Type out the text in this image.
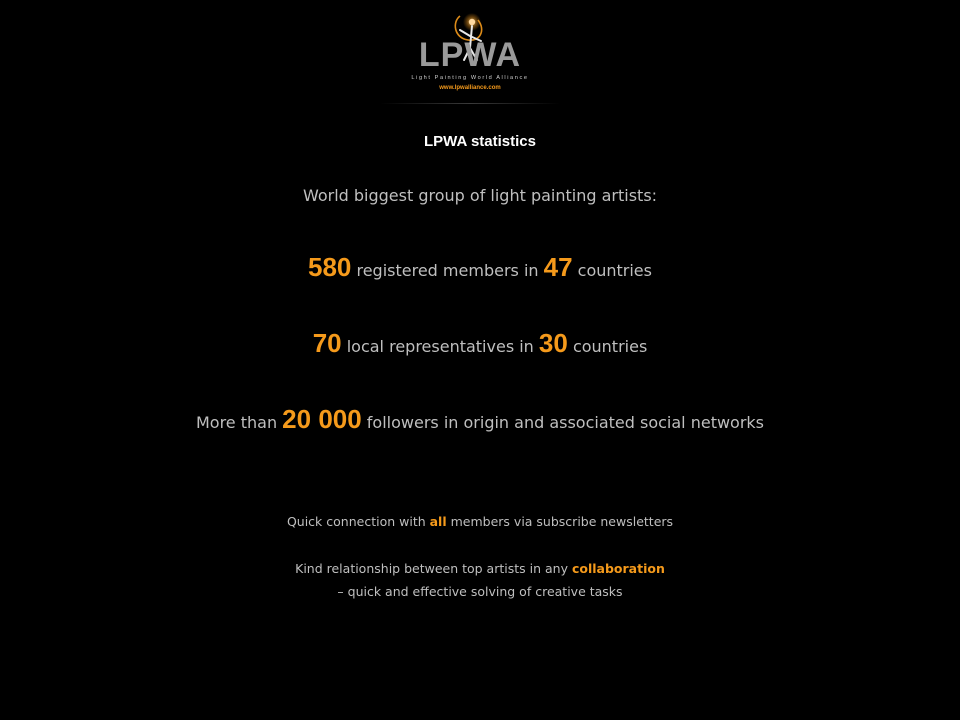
LPWA
Light Painting World Alliance
www.lpwalliance.com
LPWA statistics
World biggest group of light painting artists:
580 registered members in 47 countries
70 local representatives in 30 countries
More than 20 000 followers in origin and associated social networks
Quick connection with all members via subscribe newsletters
Kind relationship between top artists in any collaboration
– quick and effective solving of creative tasks
